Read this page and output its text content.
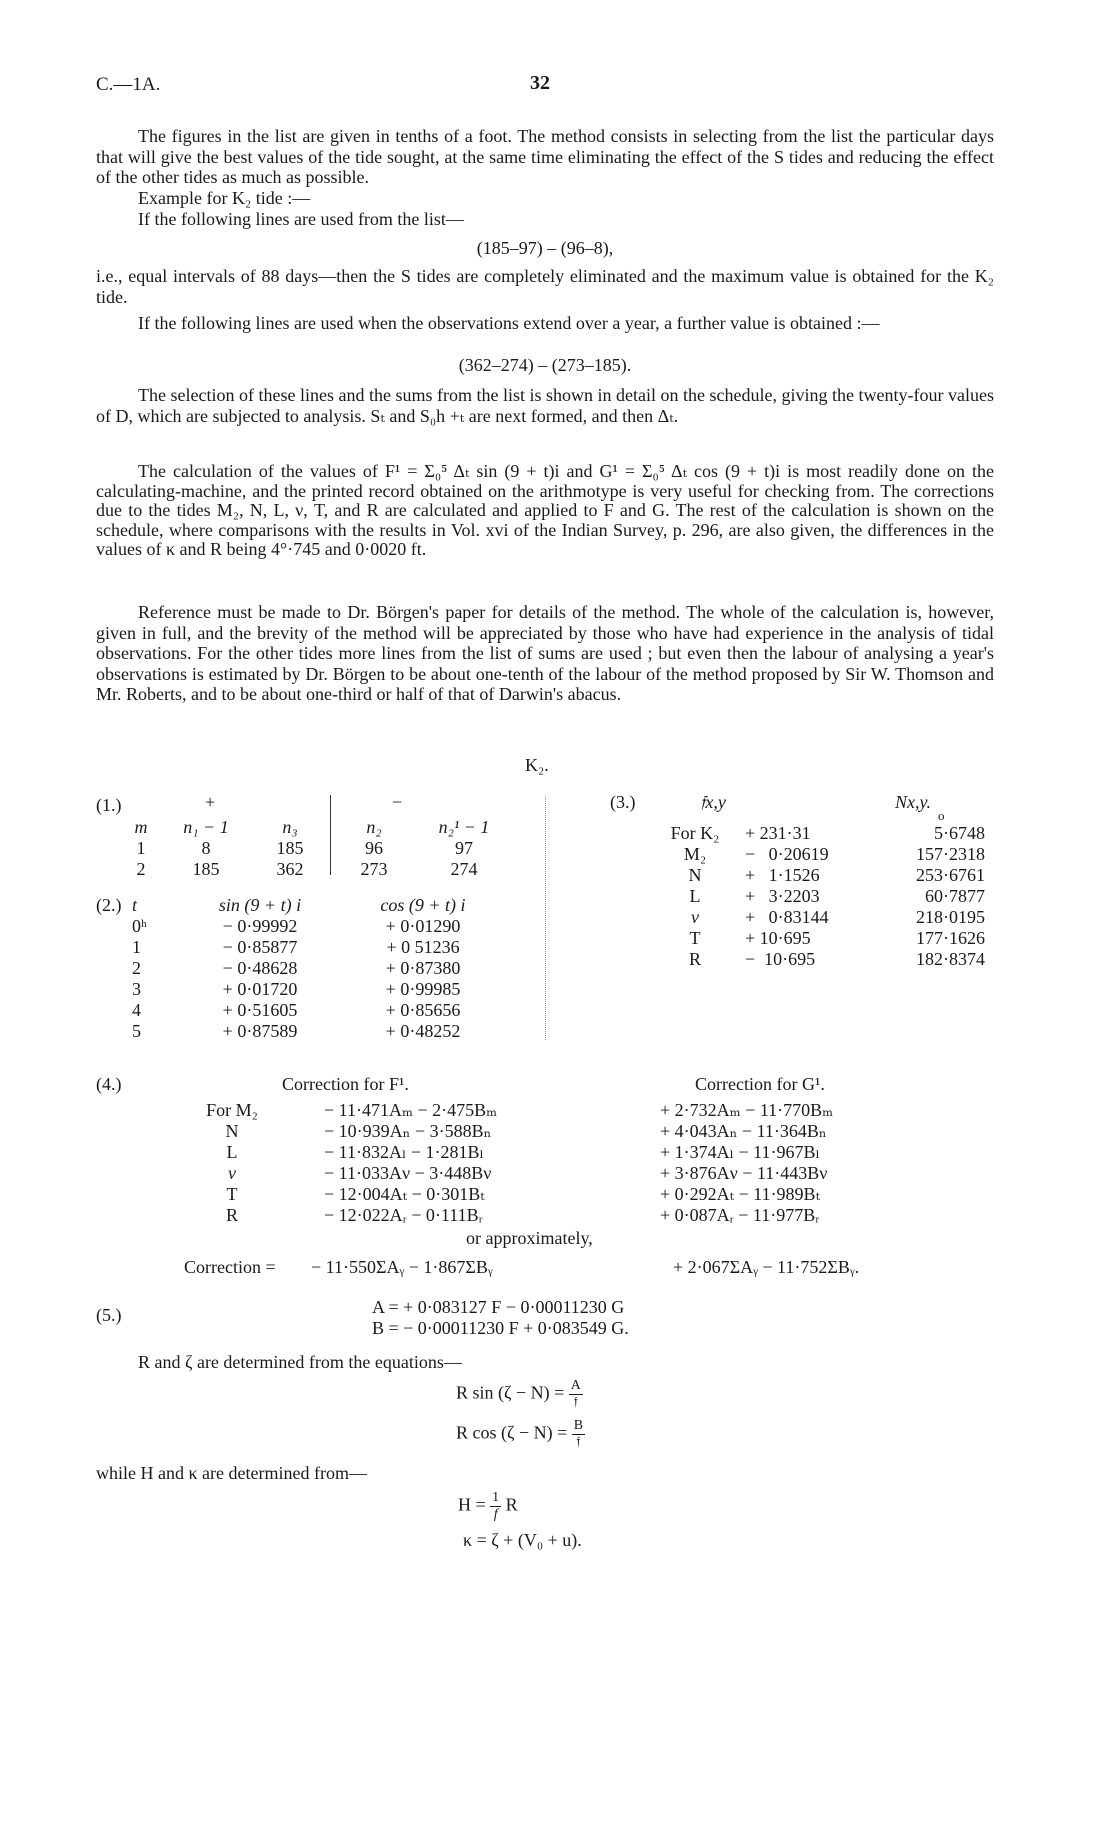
C.—1A.	32
The figures in the list are given in tenths of a foot. The method consists in selecting from the list the particular days that will give the best values of the tide sought, at the same time eliminating the effect of the S tides and reducing the effect of the other tides as much as possible.
Example for K₂ tide :—
If the following lines are used from the list—
(185–97) – (96–8),
i.e., equal intervals of 88 days—then the S tides are completely eliminated and the maximum value is obtained for the K₂ tide.
If the following lines are used when the observations extend over a year, a further value is obtained :—
(362–274) – (273–185).
The selection of these lines and the sums from the list is shown in detail on the schedule, giving the twenty-four values of D, which are subjected to analysis. Sₜ and S₀h +ₜ are next formed, and then Δₜ.
The calculation of the values of F¹ = Σ₀⁵ Δₜ sin (9 + t)i and G¹ = Σ₀⁵ Δₜ cos (9 + t)i is most readily done on the calculating-machine, and the printed record obtained on the arithmotype is very useful for checking from. The corrections due to the tides M₂, N, L, ν, T, and R are calculated and applied to F and G. The rest of the calculation is shown on the schedule, where comparisons with the results in Vol. xvi of the Indian Survey, p. 296, are also given, the differences in the values of κ and R being 4°·745 and 0·0020 ft.
Reference must be made to Dr. Börgen's paper for details of the method. The whole of the calculation is, however, given in full, and the brevity of the method will be appreciated by those who have had experience in the analysis of tidal observations. For the other tides more lines from the list of sums are used ; but even then the labour of analysing a year's observations is estimated by Dr. Börgen to be about one-tenth of the labour of the method proposed by Sir W. Thomson and Mr. Roberts, and to be about one-third or half of that of Darwin's abacus.
K₂.
(1.)	+	−
m	n₁ − 1	n₃	n₂	n₂¹ − 1
1	8	185	96	97
2	185	362	273	274
(2.) t	sin (9 + t) i	cos (9 + t) i
0ʰ	− 0·99992	+ 0·01290
1	− 0·85877	+ 0 51236
2	− 0·48628	+ 0·87380
3	+ 0·01720	+ 0·99985
4	+ 0·51605	+ 0·85656
5	+ 0·87589	+ 0·48252
(3.)	𝔣x,y	Nx,y.
o
For K₂	+ 231·31	5·6748
M₂	−   0·20619	157·2318
N	+   1·1526	253·6761
L	+   3·2203	60·7877
ν	+   0·83144	218·0195
T	+ 10·695	177·1626
R	−  10·695	182·8374
(4.)	Correction for F¹.	Correction for G¹.
For M₂	− 11·471Aₘ − 2·475Bₘ	+ 2·732Aₘ − 11·770Bₘ
N	− 10·939Aₙ − 3·588Bₙ	+ 4·043Aₙ − 11·364Bₙ
L	− 11·832Aₗ − 1·281Bₗ	+ 1·374Aₗ − 11·967Bₗ
ν	− 11·033Aν − 3·448Bν	+ 3·876Aν − 11·443Bν
T	− 12·004Aₜ − 0·301Bₜ	+ 0·292Aₜ − 11·989Bₜ
R	− 12·022Aᵣ − 0·111Bᵣ	+ 0·087Aᵣ − 11·977Bᵣ
or approximately,
Correction = − 11·550ΣAᵧ − 1·867ΣBᵧ	+ 2·067ΣAᵧ − 11·752ΣBᵧ.
(5.)	A = + 0·083127 F − 0·00011230 G
B = − 0·00011230 F + 0·083549 G.
R and ζ are determined from the equations—
R $\sin (\zeta - N) = \frac{A}{\text{𝔣}}$
R $\cos (\zeta - N) = \frac{B}{\text{𝔣}}$
while H and κ are determined from—
$H = \frac{1}{f}$ R
κ = ζ + (V₀ + u).
